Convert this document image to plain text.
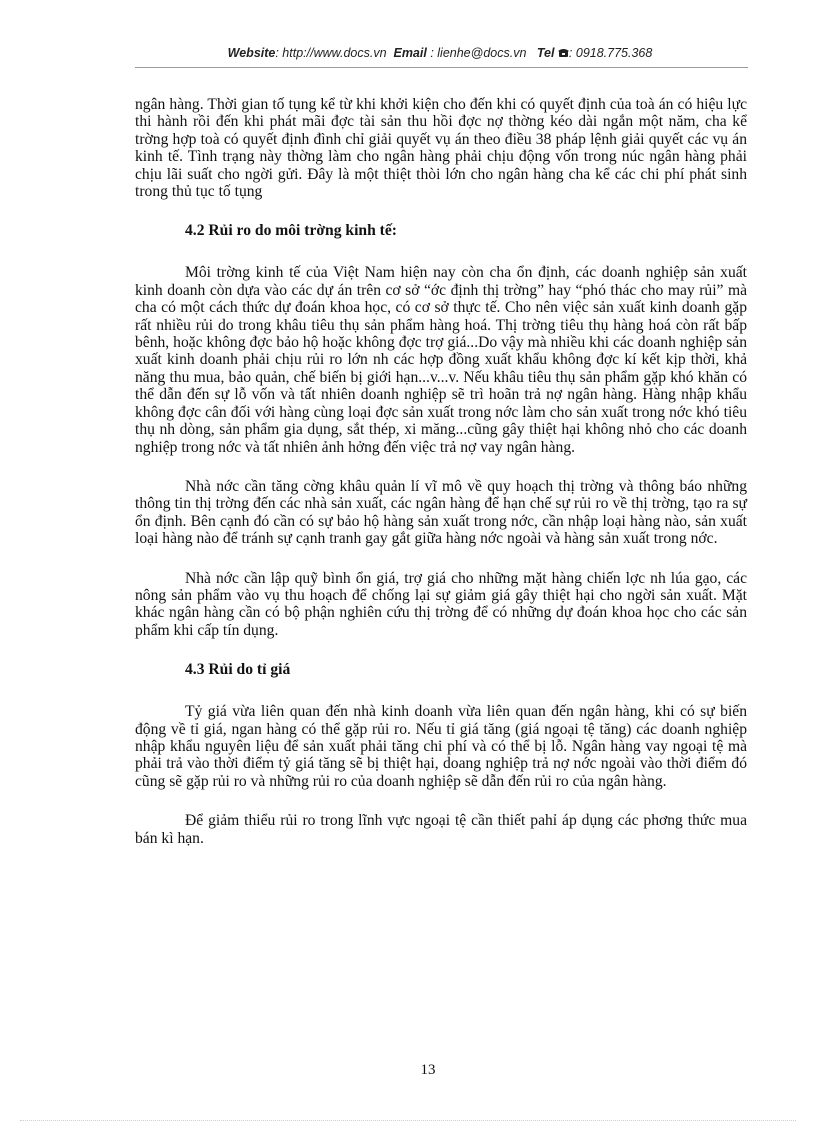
Website: http://www.docs.vn Email : lienhe@docs.vn Tel : 0918.775.368

ngân hàng. Thời gian tố tụng kể từ khi khởi kiện cho đến khi có quyết định của toà án có hiệu lực thi hành rồi đến khi phát mãi đợc tài sản thu hồi đợc nợ thờng kéo dài ngắn một năm, cha kể trờng hợp toà có quyết định đình chỉ giải quyết vụ án theo điều 38 pháp lệnh giải quyết các vụ án kinh tế. Tình trạng này thờng làm cho ngân hàng phải chịu động vốn trong núc ngân hàng phải chịu lãi suất cho ngời gửi. Đây là một thiệt thòi lớn cho ngân hàng cha kể các chi phí phát sinh trong thủ tục tố tụng

4.2 Rủi ro do môi trờng kinh tế:

Môi trờng kinh tế của Việt Nam hiện nay còn cha ổn định, các doanh nghiệp sản xuất kinh doanh còn dựa vào các dự án trên cơ sở “ớc định thị trờng” hay “phó thác cho may rủi” mà cha có một cách thức dự đoán khoa học, có cơ sở thực tế. Cho nên việc sản xuất kinh doanh gặp rất nhiều rủi do trong khâu tiêu thụ sản phẩm hàng hoá. Thị trờng tiêu thụ hàng hoá còn rất bấp bênh, hoặc không đợc bảo hộ hoặc không đợc trợ giá...Do vậy mà nhiều khi các doanh nghiệp sản xuất kinh doanh phải chịu rủi ro lớn nh các hợp đồng xuất khẩu không đợc kí kết kịp thời, khả năng thu mua, bảo quản, chế biến bị giới hạn...v...v. Nếu khâu tiêu thụ sản phẩm gặp khó khăn có thể dẫn đến sự lỗ vốn và tất nhiên doanh nghiệp sẽ trì hoãn trả nợ ngân hàng. Hàng nhập khẩu không đợc cân đối với hàng cùng loại đợc sản xuất trong nớc làm cho sản xuất trong nớc khó tiêu thụ nh dòng, sản phẩm gia dụng, sắt thép, xi măng...cũng gây thiệt hại không nhỏ cho các doanh nghiệp trong nớc và tất nhiên ảnh hởng đến việc trả nợ vay ngân hàng.

Nhà nớc cần tăng cờng khâu quản lí vĩ mô về quy hoạch thị trờng và thông báo những thông tin thị trờng đến các nhà sản xuất, các ngân hàng để hạn chế sự rủi ro về thị trờng, tạo ra sự ổn định. Bên cạnh đó cần có sự bảo hộ hàng sản xuất trong nớc, cần nhập loại hàng nào, sản xuất loại hàng nào để tránh sự cạnh tranh gay gắt giữa hàng nớc ngoài và hàng sản xuất trong nớc.

Nhà nớc cần lập quỹ bình ổn giá, trợ giá cho những mặt hàng chiến lợc nh lúa gạo, các nông sản phẩm vào vụ thu hoạch để chống lại sự giảm giá gây thiệt hại cho ngời sản xuất. Mặt khác ngân hàng cần có bộ phận nghiên cứu thị trờng để có những dự đoán khoa học cho các sản phẩm khi cấp tín dụng.

4.3 Rủi do tỉ giá

Tỷ giá vừa liên quan đến nhà kinh doanh vừa liên quan đến ngân hàng, khi có sự biến động về tỉ giá, ngan hàng có thể gặp rủi ro. Nếu tỉ giá tăng (giá ngoại tệ tăng) các doanh nghiệp nhập khẩu nguyên liệu để sản xuất phải tăng chi phí và có thể bị lỗ. Ngân hàng vay ngoại tệ mà phải trả vào thời điểm tỷ giá tăng sẽ bị thiệt hại, doang nghiệp trả nợ nớc ngoài vào thời điểm đó cũng sẽ gặp rủi ro và những rủi ro của doanh nghiệp sẽ dẫn đến rủi ro của ngân hàng.

Để giảm thiểu rủi ro trong lĩnh vực ngoại tệ cần thiết pahỉ áp dụng các phơng thức mua bán kì hạn.

13
